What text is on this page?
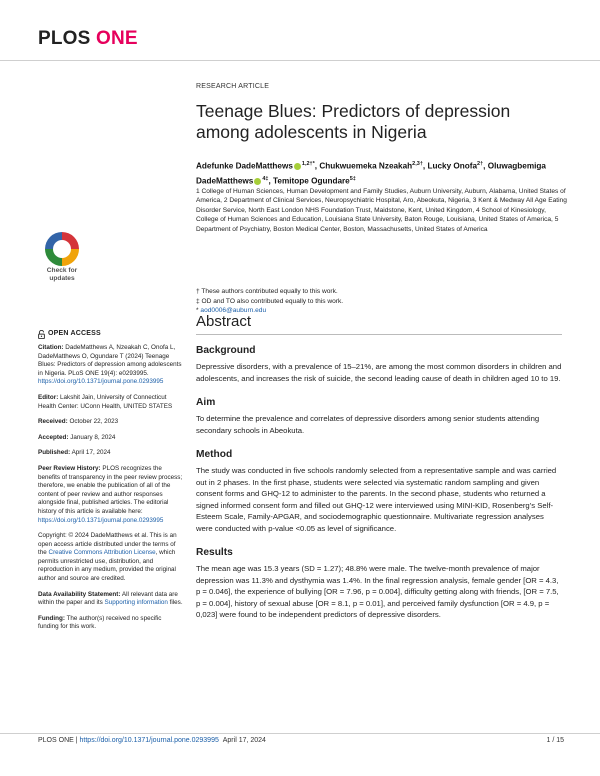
PLOS ONE
RESEARCH ARTICLE
Teenage Blues: Predictors of depression among adolescents in Nigeria
Adefunke DadeMatthews $^{1,2\dagger*}$, Chukwuemeka Nzeakah$^{2,3\dagger}$, Lucky Onofa$^{2\dagger}$, Oluwagbemiga DadeMatthews $^{4\ddagger}$, Temitope Ogundare$^{5\ddagger}$
1 College of Human Sciences, Human Development and Family Studies, Auburn University, Auburn, Alabama, United States of America, 2 Department of Clinical Services, Neuropsychiatric Hospital, Aro, Abeokuta, Nigeria, 3 Kent & Medway All Age Eating Disorder Service, North East London NHS Foundation Trust, Maidstone, Kent, United Kingdom, 4 School of Kinesiology, College of Human Sciences and Education, Louisiana State University, Baton Rouge, Louisiana, United States of America, 5 Department of Psychiatry, Boston Medical Center, Boston, Massachusetts, United States of America
† These authors contributed equally to this work.
‡ OD and TO also contributed equally to this work.
* aod0006@auburn.edu
Check for
updates
OPEN ACCESS

Citation: DadeMatthews A, Nzeakah C, Onofa L, DadeMatthews O, Ogundare T (2024) Teenage Blues: Predictors of depression among adolescents in Nigeria. PLoS ONE 19(4): e0293995. https://doi.org/10.1371/journal.pone.0293995

Editor: Lakshit Jain, University of Connecticut Health Center: UConn Health, UNITED STATES

Received: October 22, 2023

Accepted: January 8, 2024

Published: April 17, 2024

Peer Review History: PLOS recognizes the benefits of transparency in the peer review process; therefore, we enable the publication of all of the content of peer review and author responses alongside final, published articles. The editorial history of this article is available here: https://doi.org/10.1371/journal.pone.0293995

Copyright: © 2024 DadeMatthews et al. This is an open access article distributed under the terms of the Creative Commons Attribution License, which permits unrestricted use, distribution, and reproduction in any medium, provided the original author and source are credited.

Data Availability Statement: All relevant data are within the paper and its Supporting information files.

Funding: The author(s) received no specific funding for this work.

Abstract
Background

Depressive disorders, with a prevalence of 15–21%, are among the most common disorders in children and adolescents, and increases the risk of suicide, the second leading cause of death in children aged 10 to 19.

Aim

To determine the prevalence and correlates of depressive disorders among senior students attending secondary schools in Abeokuta.

Method

The study was conducted in five schools randomly selected from a representative sample and was carried out in 2 phases. In the first phase, students were selected via systematic random sampling and given consent forms and GHQ-12 to administer to the parents. In the second phase, students who returned a signed informed consent form and filled out GHQ-12 were interviewed using MINI-KID, Rosenberg’s Self-Esteem Scale, Family-APGAR, and sociodemographic questionnaire. Multivariate regression analyses were conducted with p-value <0.05 as level of significance.

Results

The mean age was 15.3 years (SD = 1.27); 48.8% were male. The twelve-month prevalence of major depression was 11.3% and dysthymia was 1.4%. In the final regression analysis, female gender [OR = 4.3, p = 0.046], the experience of bullying [OR = 7.96, p = 0.004], difficulty getting along with friends, [OR = 7.5, p = 0.004], history of sexual abuse [OR = 8.1, p = 0.01], and perceived family dysfunction [OR = 4.9, p = 0,023] were found to be independent predictors of depressive disorders.

PLOS ONE | https://doi.org/10.1371/journal.pone.0293995 April 17, 2024	1 / 15
